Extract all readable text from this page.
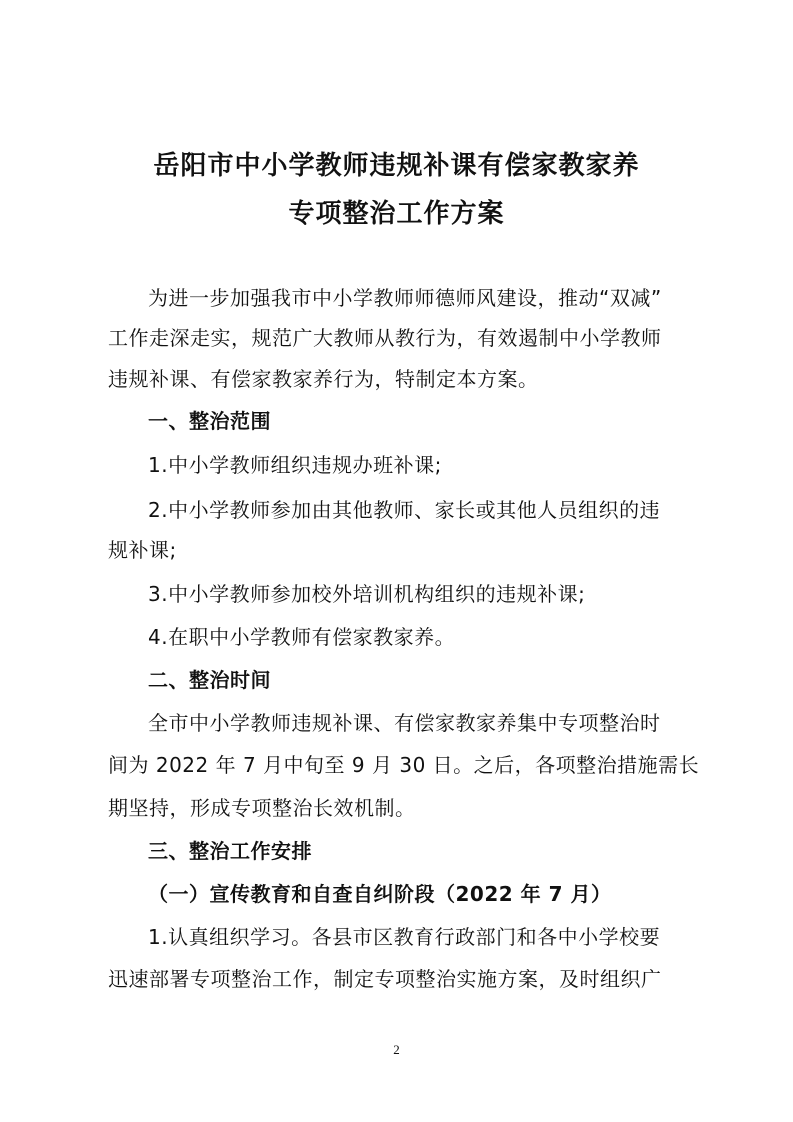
岳阳市中小学教师违规补课有偿家教家养
专项整治工作方案
为进一步加强我市中小学教师师德师风建设，推动“双减”
工作走深走实，规范广大教师从教行为，有效遏制中小学教师
违规补课、有偿家教家养行为，特制定本方案。
一、整治范围
1.中小学教师组织违规办班补课;
2.中小学教师参加由其他教师、家长或其他人员组织的违
规补课;
3.中小学教师参加校外培训机构组织的违规补课;
4.在职中小学教师有偿家教家养。
二、整治时间
全市中小学教师违规补课、有偿家教家养集中专项整治时
间为 2022 年 7 月中旬至 9 月 30 日。之后，各项整治措施需长
期坚持，形成专项整治长效机制。
三、整治工作安排
（一）宣传教育和自查自纠阶段（2022 年 7 月）
1.认真组织学习。各县市区教育行政部门和各中小学校要
迅速部署专项整治工作，制定专项整治实施方案，及时组织广
2
